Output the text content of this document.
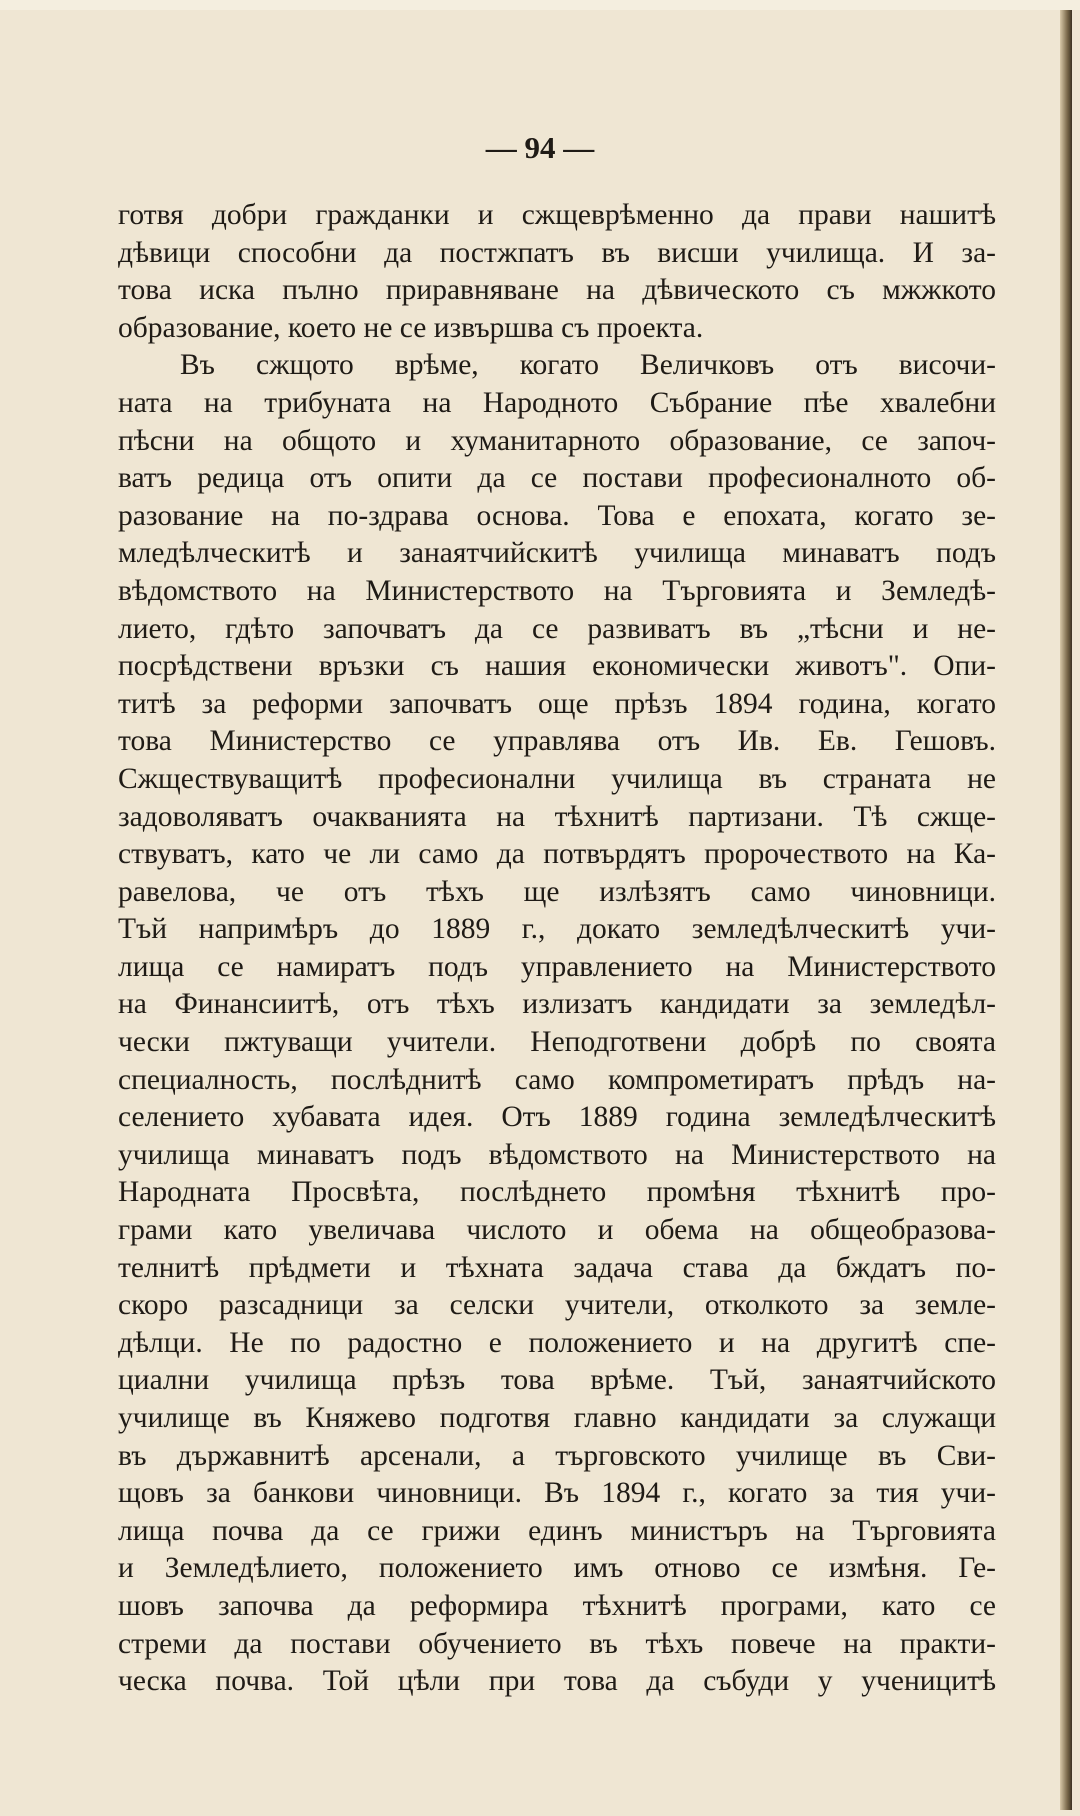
— 94 —
готвя добри гражданки и сжщеврѣменно да прави нашитѣ
дѣвици способни да постжпатъ въ висши училища. И за-
това иска пълно приравняване на дѣвическото съ мжжкото
образование, което не се извършва съ проекта.
Въ сжщото врѣме, когато Величковъ отъ височи-
ната на трибуната на Народното Събрание пѣе хвалебни
пѣсни на общото и хуманитарното образование, се започ-
ватъ редица отъ опити да се постави професионалното об-
разование на по-здрава основа. Това е епохата, когато зе-
мледѣлческитѣ и занаятчийскитѣ училища минаватъ подъ
вѣдомството на Министерството на Търговията и Земледѣ-
лието, гдѣто започватъ да се развиватъ въ „тѣсни и не-
посрѣдствени връзки съ нашия економически животъ". Опи-
титѣ за реформи започватъ още прѣзъ 1894 година, когато
това Министерство се управлява отъ Ив. Ев. Гешовъ.
Сжществуващитѣ професионални училища въ страната не
задоволяватъ очакванията на тѣхнитѣ партизани. Тѣ сжще-
ствуватъ, като че ли само да потвърдятъ пророчеството на Ка-
равелова, че отъ тѣхъ ще излѣзятъ само чиновници.
Тъй напримѣръ до 1889 г., докато земледѣлческитѣ учи-
лища се намиратъ подъ управлението на Министерството
на Финансиитѣ, отъ тѣхъ излизатъ кандидати за земледѣл-
чески пжтуващи учители. Неподготвени добрѣ по своята
специалность, послѣднитѣ само компрометиратъ прѣдъ на-
селението хубавата идея. Отъ 1889 година земледѣлческитѣ
училища минаватъ подъ вѣдомството на Министерството на
Народната Просвѣта, послѣднето промѣня тѣхнитѣ про-
грами като увеличава числото и обема на общеобразова-
телнитѣ прѣдмети и тѣхната задача става да бждатъ по-
скоро разсадници за селски учители, отколкото за земле-
дѣлци. Не по радостно е положението и на другитѣ спе-
циални училища прѣзъ това врѣме. Тъй, занаятчийското
училище въ Княжево подготвя главно кандидати за служащи
въ държавнитѣ арсенали, а търговското училище въ Сви-
щовъ за банкови чиновници. Въ 1894 г., когато за тия учи-
лища почва да се грижи единъ министъръ на Търговията
и Земледѣлието, положението имъ отново се измѣня. Ге-
шовъ започва да реформира тѣхнитѣ програми, като се
стреми да постави обучението въ тѣхъ повече на практи-
ческа почва. Той цѣли при това да събуди у ученицитѣ
